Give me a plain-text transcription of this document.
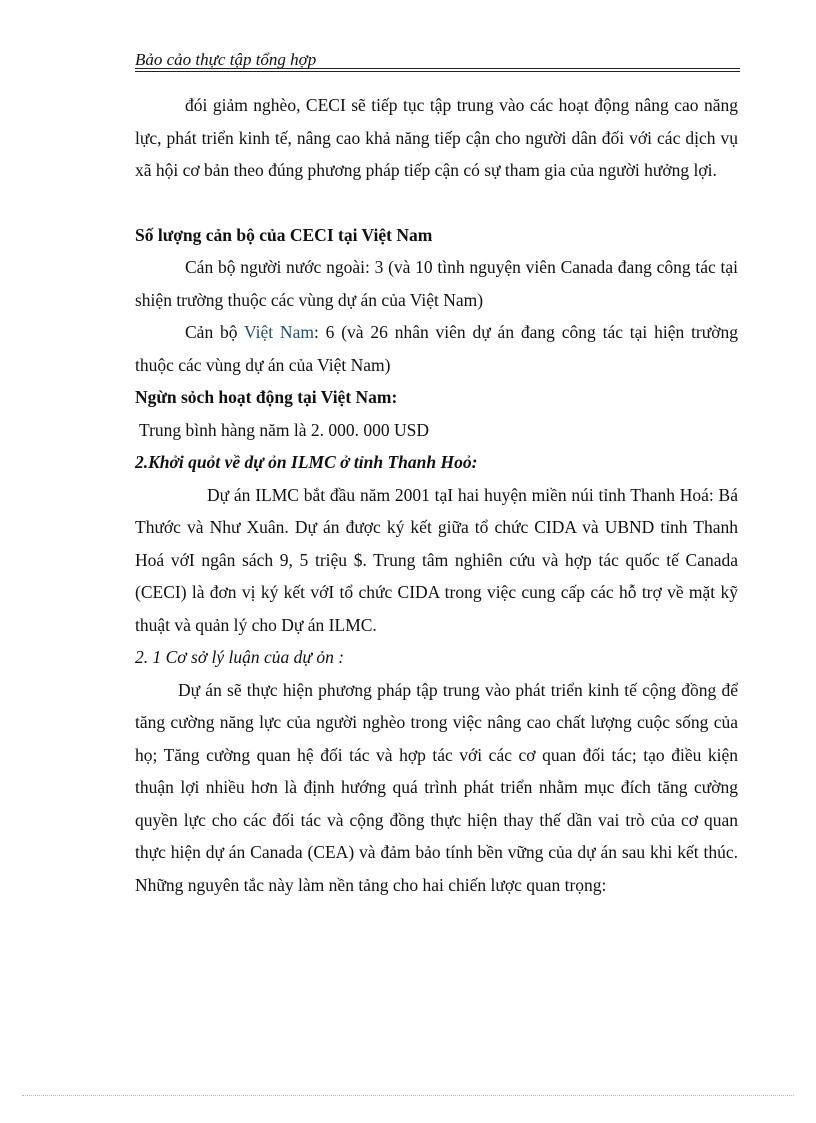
Bảo cảo thực tập tổng hợp

đói giảm nghèo, CECI sẽ tiếp tục tập trung vào các hoạt động nâng cao năng lực, phát triển kinh tế, nâng cao khả năng tiếp cận cho người dân đối với các dịch vụ xã hội cơ bản theo đúng phương pháp tiếp cận có sự tham gia của người hưởng lợi.

Số lượng cản bộ của CECI tại Việt Nam

Cán bộ người nước ngoài: 3 (và 10 tình nguyện viên Canada đang công tác tại shiện trường thuộc các vùng dự án của Việt Nam)

Cản bộ Việt Nam: 6 (và 26 nhân viên dự án đang công tác tại hiện trường thuộc các vùng dự án của Việt Nam)

Ngừn sỏch hoạt động tại Việt Nam:

Trung bình hàng năm là 2. 000. 000 USD

2.Khởi quỏt về dự ỏn ILMC ở tỉnh Thanh Hoỏ:

Dự án ILMC bắt đầu năm 2001 tạI hai huyện miền núi tỉnh Thanh Hoá: Bá Thước và Như Xuân. Dự án được ký kết giữa tổ chức CIDA và UBND tỉnh Thanh Hoá vớI ngân sách 9, 5 triệu $. Trung tâm nghiên cứu và hợp tác quốc tế Canada (CECI) là đơn vị ký kết vớI tổ chức CIDA trong việc cung cấp các hỗ trợ về mặt kỹ thuật và quản lý cho Dự án ILMC.

2. 1 Cơ sở lý luận của dự ỏn :

Dự án sẽ thực hiện phương pháp tập trung vào phát triển kinh tế cộng đồng để tăng cường năng lực của người nghèo trong việc nâng cao chất lượng cuộc sống của họ; Tăng cường quan hệ đối tác và hợp tác với các cơ quan đối tác; tạo điều kiện thuận lợi nhiều hơn là định hướng quá trình phát triển nhằm mục đích tăng cường quyền lực cho các đối tác và cộng đồng thực hiện thay thế dần vai trò của cơ quan thực hiện dự án Canada (CEA) và đảm bảo tính bền vững của dự án sau khi kết thúc. Những nguyên tắc này làm nền tảng cho hai chiến lược quan trọng:
